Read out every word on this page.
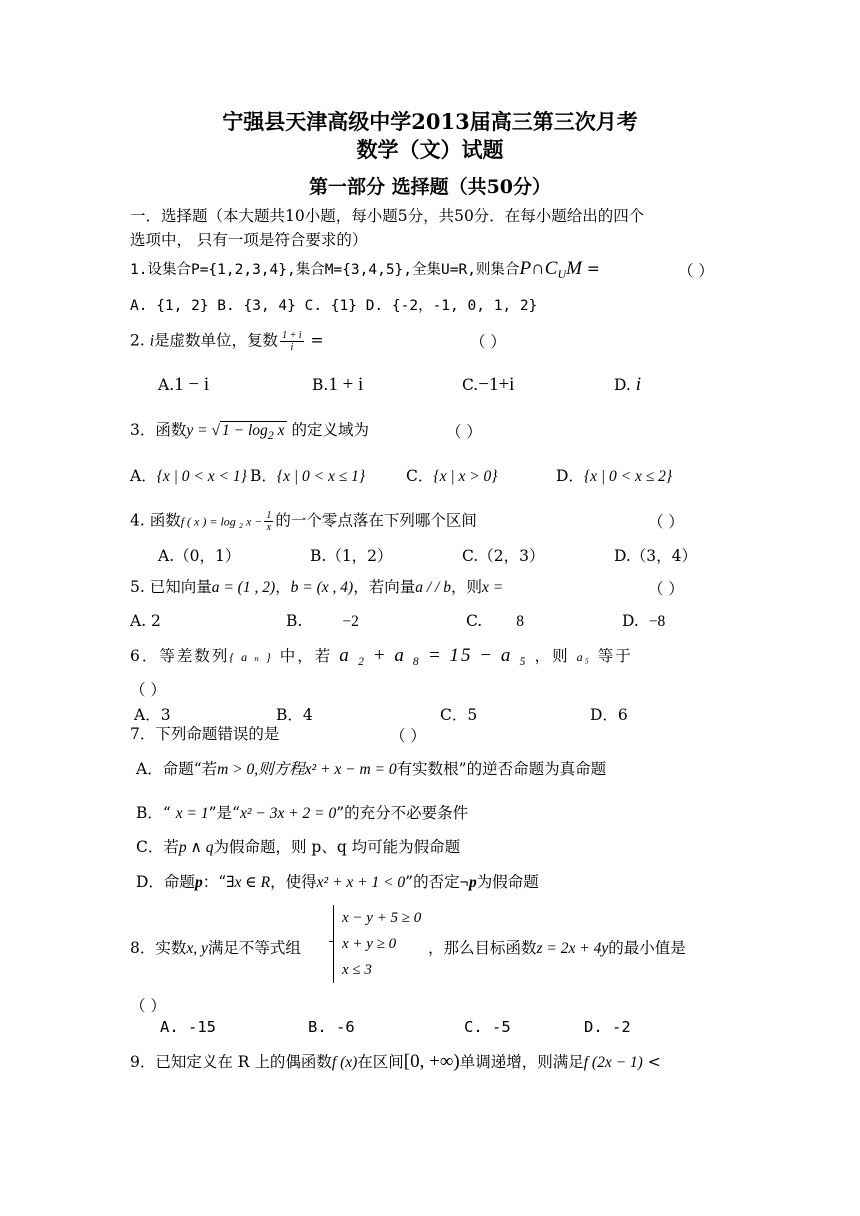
宁强县天津高级中学2013届高三第三次月考
数学（文）试题
第一部分 选择题（共50分）
一．选择题（本大题共10小题，每小题5分，共50分．在每小题给出的四个
选项中， 只有一项是符合要求的）
1.设集合P={1,2,3,4},集合M={3,4,5},全集U=R,则集合$P\cap C_UM$ =	（ ）
A. {1, 2} B. {3, 4} C. {1} D. {-2，-1, 0, 1, 2}
2. i是虚数单位，复数 $\frac{1 + i}{i}$ =	（ ）
A.1 − i	B.1 + i	C.−1+i	D. i
3．函数y = √ $1 - \log_2 x$ 的定义域为	（ ）
A．{x | 0 < x < 1} B．{x | 0 < x ≤ 1}	C．{x | x > 0}	D．{x | 0 < x ≤ 2}
4. 函数f ( x ) = log ₂ $x - \frac{1}{x}$ 的一个零点落在下列哪个区间	（ ）
A.（0，1）	B.（1，2）	C.（2，3）	D.（3，4）
5. 已知向量a = (1 , 2)，b = (x , 4)，若向量a / / b，则x =	（ ）
A. 2	B.	−2	C. 8	D. −8
6．等差数列{ a ₙ } 中，若 a ₂ + a ₈ = 15 − a ₅ ，则 a₅ 等于
（ ）
A．3	B．4	C．5	D．6
7．下列命题错误的是	（ ）
A．命题“若m > 0,则方程x² + x − m = 0有实数根”的逆否命题为真命题
B．“ x = 1”是“x² − 3x + 2 = 0”的充分不必要条件
C．若p ∧ q为假命题，则 p、q 均可能为假命题
D．命题p：“∃x ∈ R，使得x² + x + 1 < 0”的否定¬p为假命题
8．实数x, y满足不等式组
x − y + 5 ≥ 0
x + y ≥ 0
x ≤ 3
，那么目标函数z = 2x + 4y的最小值是
（ ）
A. -15	B. -6	C. -5	D. -2
9．已知定义在 R 上的偶函数f (x)在区间[0, +∞)单调递增，则满足f (2x − 1) <
